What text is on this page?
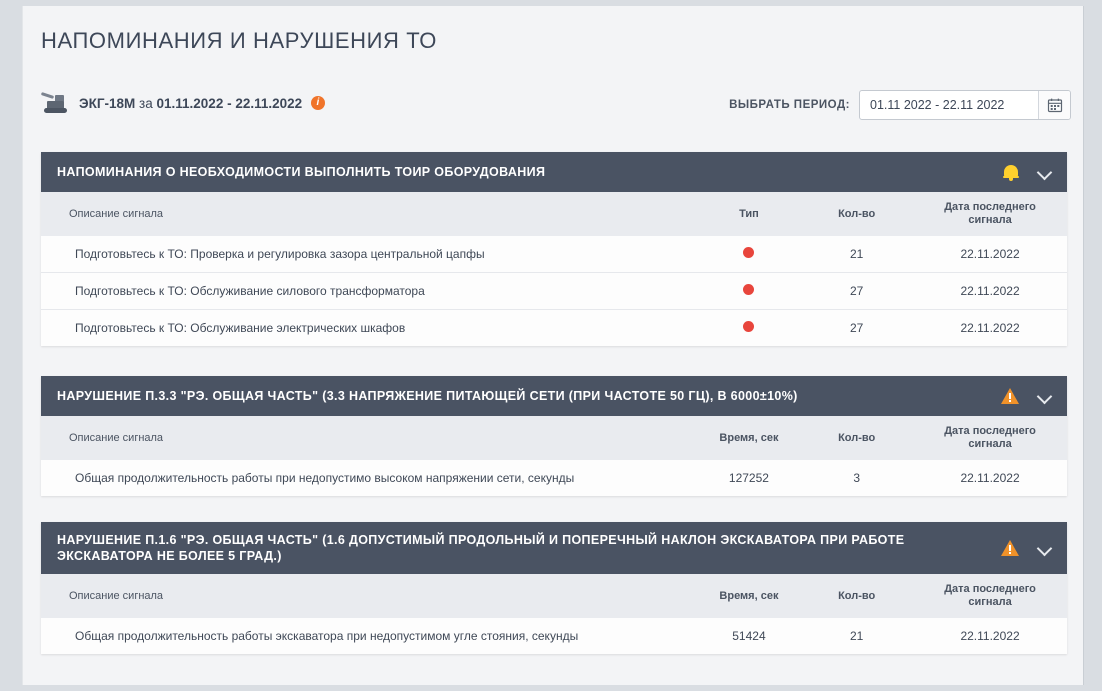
НАПОМИНАНИЯ И НАРУШЕНИЯ ТО
ЭКГ-18М за 01.11.2022 - 22.11.2022 i	ВЫБРАТЬ ПЕРИОД:	01.11 2022 - 22.11 2022
НАПОМИНАНИЯ О НЕОБХОДИМОСТИ ВЫПОЛНИТЬ ТОИР ОБОРУДОВАНИЯ
Описание сигнала	Тип	Кол-во	Дата последнего
сигнала
Подготовьтесь к ТО: Проверка и регулировка зазора центральной цапфы		21	22.11.2022
Подготовьтесь к ТО: Обслуживание силового трансформатора		27	22.11.2022
Подготовьтесь к ТО: Обслуживание электрических шкафов		27	22.11.2022
НАРУШЕНИЕ П.3.3 "РЭ. ОБЩАЯ ЧАСТЬ" (3.3 НАПРЯЖЕНИЕ ПИТАЮЩЕЙ СЕТИ (ПРИ ЧАСТОТЕ 50 ГЦ), В 6000±10%)
Описание сигнала	Время, сек	Кол-во	Дата последнего
сигнала
Общая продолжительность работы при недопустимо высоком напряжении сети, секунды	127252	3	22.11.2022
НАРУШЕНИЕ П.1.6 "РЭ. ОБЩАЯ ЧАСТЬ" (1.6 ДОПУСТИМЫЙ ПРОДОЛЬНЫЙ И ПОПЕРЕЧНЫЙ НАКЛОН ЭКСКАВАТОРА ПРИ РАБОТЕ ЭКСКАВАТОРА НЕ БОЛЕЕ 5 ГРАД.)
Описание сигнала	Время, сек	Кол-во	Дата последнего
сигнала
Общая продолжительность работы экскаватора при недопустимом угле стояния, секунды	51424	21	22.11.2022
